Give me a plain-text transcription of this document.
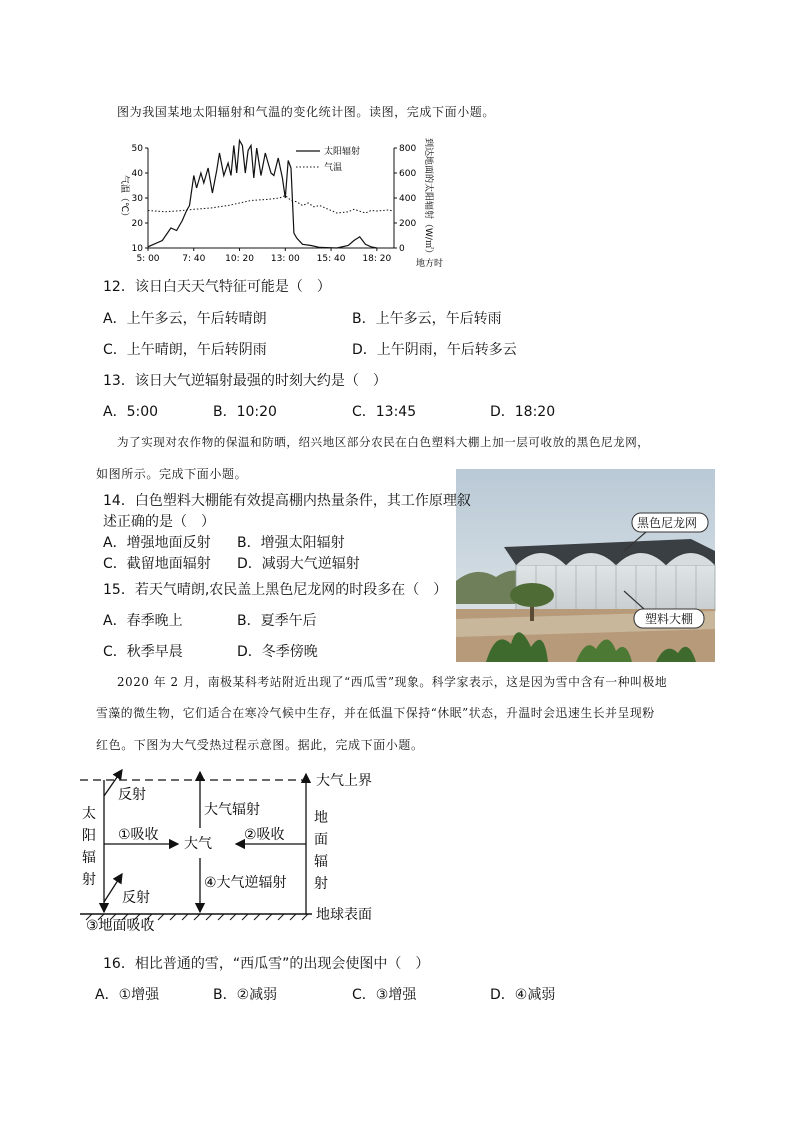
图为我国某地太阳辐射和气温的变化统计图。读图，完成下面小题。
10
20
30
40
50
0
200
400
600
800
5: 00	7: 40 10: 20 13: 00 15: 40 18: 20
气温（℃）	到达地面的太阳辐射（W/㎡）
地方时
太阳辐射
气温
12．该日白天天气特征可能是（　）
A．上午多云，午后转晴朗	B．上午多云，午后转雨
C．上午晴朗，午后转阴雨	D．上午阴雨，午后转多云
13．该日大气逆辐射最强的时刻大约是（　）
A．5:00	B．10:20	C．13:45	D．18:20
为了实现对农作物的保温和防晒，绍兴地区部分农民在白色塑料大棚上加一层可收放的黑色尼龙网，
如图所示。完成下面小题。
黑色尼龙网
塑料大棚
14．白色塑料大棚能有效提高棚内热量条件，其工作原理叙
述正确的是（　）
A．增强地面反射 B．增强太阳辐射
C．截留地面辐射 D．减弱大气逆辐射
15．若天气晴朗,农民盖上黑色尼龙网的时段多在（　）
A．春季晚上	B．夏季午后
C．秋季早晨	D．冬季傍晚
2020 年 2 月，南极某科考站附近出现了“西瓜雪”现象。科学家表示，这是因为雪中含有一种叫极地
雪藻的微生物，它们适合在寒冷气候中生存，并在低温下保持“休眠”状态，升温时会迅速生长并呈现粉
红色。下图为大气受热过程示意图。据此，完成下面小题。
反射
反射
大气辐射
①吸收	②吸收
大气
④大气逆辐射
③地面吸收
大气上界
地球表面
太
阳
辐
射
地
面
辐
射
16．相比普通的雪，“西瓜雪”的出现会使图中（　）
A．①增强	B．②减弱	C．③增强	D．④减弱
